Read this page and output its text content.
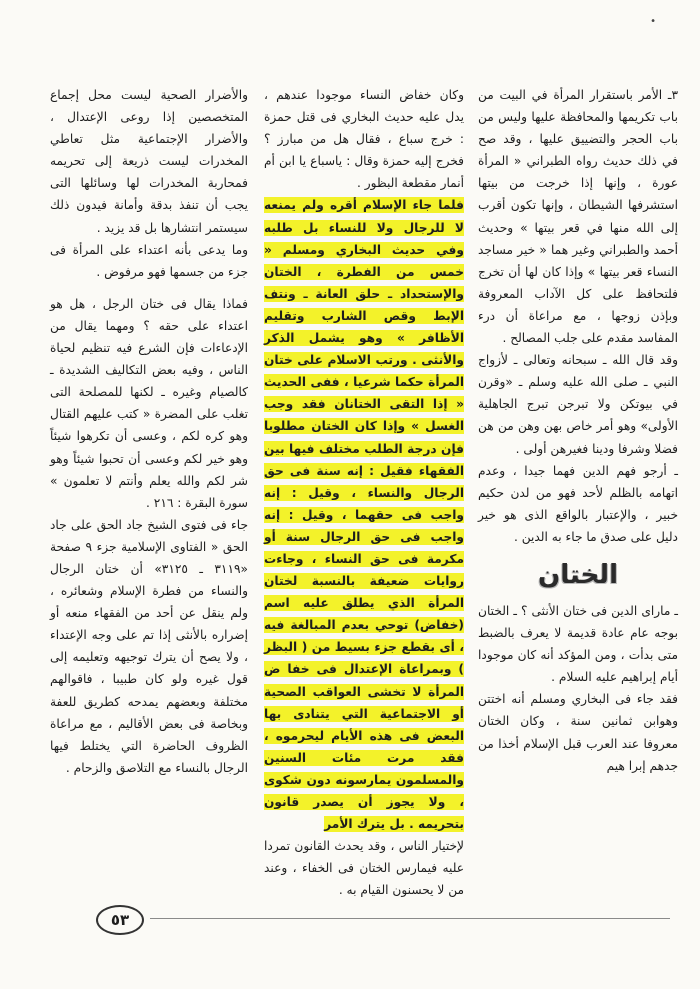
•

٣ـ الأمر باستقرار المرأة في البيت من باب تكريمها والمحافظة عليها وليس من باب الحجر والتضييق عليها ، وقد صح في ذلك حديث رواه الطبراني « المرأة عورة ، وإنها إذا خرجت من بيتها استشرفها الشيطان ، وإنها تكون أقرب إلى الله منها في قعر بيتها » وحديث أحمد والطبراني وغير هما « خير مساجد النساء قعر بيتها » وإذا كان لها أن تخرج فلتحافظ على كل الآداب المعروفة وبإذن زوجها ، مع مراعاة أن درء المفاسد مقدم على جلب المصالح .

وقد قال الله ـ سبحانه وتعالى ـ لأزواج النبي ـ صلى الله عليه وسلم ـ «وقرن في بيوتكن ولا تبرجن تبرج الجاهلية الأولى» وهو أمر خاص بهن وهن من هن فضلا وشرفا ودينا فغيرهن أولى .

ـ أرجو فهم الدين فهما جيدا ، وعدم اتهامه بالظلم لأحد فهو من لدن حكيم خبير ، والإعتبار بالواقع الذى هو خير دليل على صدق ما جاء به الدين .

الختان

ـ ماراى الدين فى ختان الأنثى ؟ ـ الختان بوجه عام عادة قديمة لا يعرف بالضبط متى بدأت ، ومن المؤكد أنه كان موجودا أيام إبراهيم عليه السلام .

فقد جاء فى البخاري ومسلم أنه اختتن وهوابن ثمانين سنة ، وكان الختان معروفا عند العرب قبل الإسلام أخذا من جدهم إبرا هيم

وكان خفاض النساء موجودا عندهم ، يدل عليه حديث البخاري فى قتل حمزة : خرج سباع ، فقال هل من مبارز ؟ فخرج إليه حمزة وقال : ياسباع يا ابن أم أنمار مقطعة البظور .

فلما جاء الإسلام أقره ولم يمنعه لا للرجال ولا للنساء بل طلبه وفي حديث البخاري ومسلم « خمس من الفطرة ، الختان والإستحداد ـ حلق العانة ـ ونتف الإبط وقص الشارب وتقليم الأظافر » وهو يشمل الذكر والأنثى . ورتب الاسلام على ختان المرأة حكما شرعيا ، ففى الحديث « إذا التقى الختانان فقد وجب الغسل » وإذا كان الختان مطلوبا فإن درجة الطلب مختلف فيها بين الفقهاء فقيل : إنه سنة فى حق الرجال والنساء ، وقيل : إنه واجب فى حقهما ، وقيل : إنه واجب فى حق الرجال سنة أو مكرمة فى حق النساء ، وجاءت روايات ضعيفة بالنسبة لختان المرأة الذي يطلق عليه اسم (خفاض) توحي بعدم المبالغة فيه ، أى بقطع جزء بسيط من ( البظر ) وبمراعاة الإعتدال فى خفا ض المرأة لا تخشى العواقب الصحية أو الاجتماعية التي يتنادى بها البعض فى هذه الأيام ليحرموه ، فقد مرت مئات السنين والمسلمون يمارسونه دون شكوى ، ولا يجوز أن يصدر قانون بتحريمه . بل يترك الأمر

لإختيار الناس ، وقد يحدث القانون تمردا عليه فيمارس الختان فى الخفاء ، وعند من لا يحسنون القيام به .

والأضرار الصحية ليست محل إجماع المتخصصين إذا روعى الإعتدال ، والأضرار الإجتماعية مثل تعاطي المخدرات ليست ذريعة إلى تحريمه فمحاربة المخدرات لها وسائلها التى يجب أن تنفذ بدقة وأمانة فيدون ذلك سيستمر انتشارها بل قد يزيد .

وما يدعى بأنه اعتداء على المرأة فى جزء من جسمها فهو مرفوض .

فماذا يقال فى ختان الرجل ، هل هو اعتداء على حقه ؟ ومهما يقال من الإدعاءات فإن الشرع فيه تنظيم لحياة الناس ، وفيه بعض التكاليف الشديدة ـ كالصيام وغيره ـ لكنها للمصلحة التى تغلب على المضرة « كتب عليهم القتال وهو كره لكم ، وعسى أن تكرهوا شيئاً وهو خير لكم وعسى أن تحبوا شيئاً وهو شر لكم والله يعلم وأنتم لا تعلمون » سورة البقرة : ٢١٦ .

جاء فى فتوى الشيخ جاد الحق على جاد الحق « الفتاوى الإسلامية جزء ٩ صفحة «٣١١٩ ـ ٣١٢٥» أن ختان الرجال والنساء من فطرة الإسلام وشعائره ، ولم ينقل عن أحد من الفقهاء منعه أو إضراره بالأنثى إذا تم على وجه الإعتداء ، ولا يصح أن يترك توجيهه وتعليمه إلى قول غيره ولو كان طبيبا ، فاقوالهم مختلفة وبعضهم يمدحه كطريق للعفة وبخاصة فى بعض الأقاليم ، مع مراعاة الظروف الحاضرة التي يختلط فيها الرجال بالنساء مع التلاصق والزحام .

٥٣
